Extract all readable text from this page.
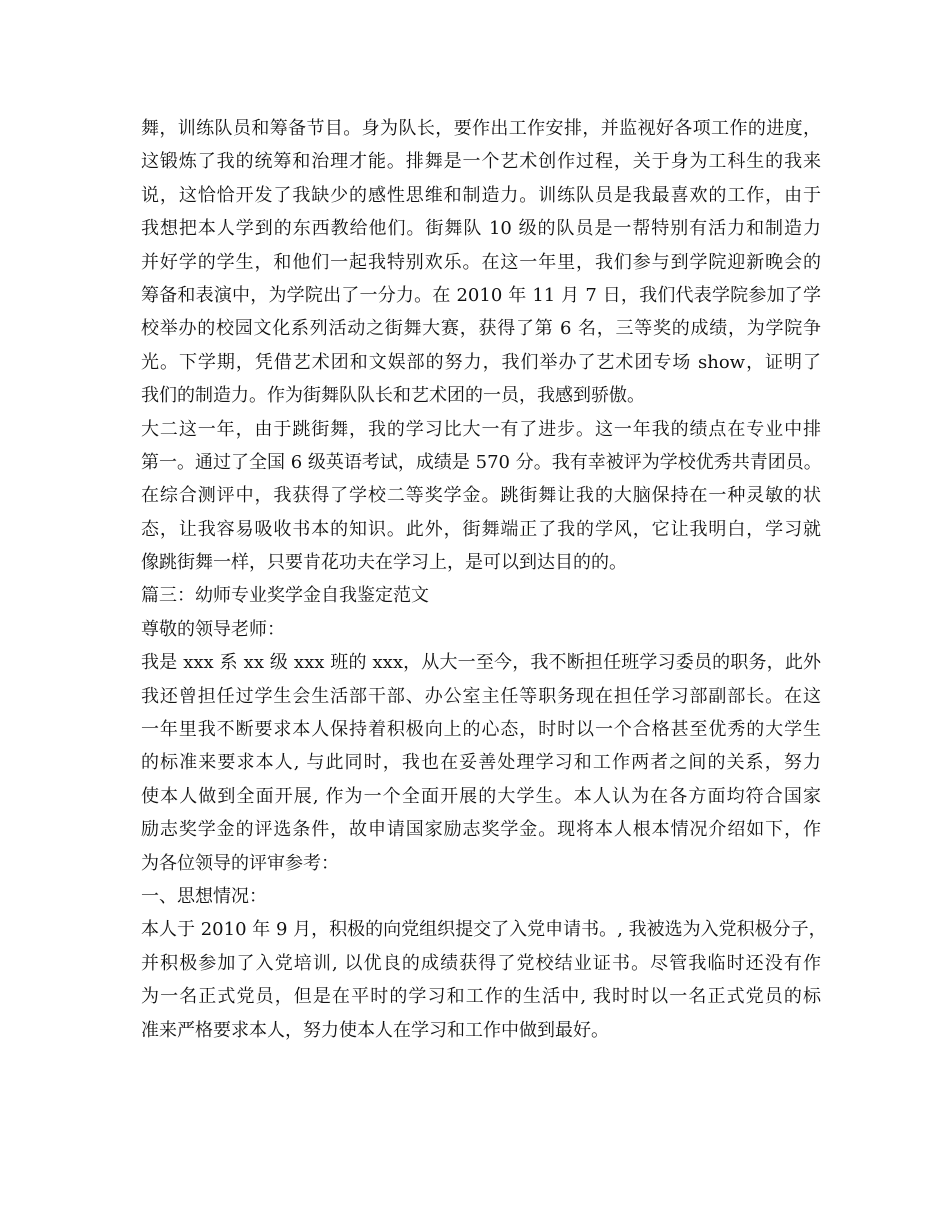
舞，训练队员和筹备节目。身为队长，要作出工作安排，并监视好各项工作的进度，
这锻炼了我的统筹和治理才能。排舞是一个艺术创作过程，关于身为工科生的我来
说，这恰恰开发了我缺少的感性思维和制造力。训练队员是我最喜欢的工作，由于
我想把本人学到的东西教给他们。街舞队 10 级的队员是一帮特别有活力和制造力
并好学的学生，和他们一起我特别欢乐。在这一年里，我们参与到学院迎新晚会的
筹备和表演中，为学院出了一分力。在 2010 年 11 月 7 日，我们代表学院参加了学
校举办的校园文化系列活动之街舞大赛，获得了第 6 名，三等奖的成绩，为学院争
光。下学期，凭借艺术团和文娱部的努力，我们举办了艺术团专场 show，证明了
我们的制造力。作为街舞队队长和艺术团的一员，我感到骄傲。
大二这一年，由于跳街舞，我的学习比大一有了进步。这一年我的绩点在专业中排
第一。通过了全国 6 级英语考试，成绩是 570 分。我有幸被评为学校优秀共青团员。
在综合测评中，我获得了学校二等奖学金。跳街舞让我的大脑保持在一种灵敏的状
态，让我容易吸收书本的知识。此外，街舞端正了我的学风，它让我明白，学习就
像跳街舞一样，只要肯花功夫在学习上，是可以到达目的的。
篇三：幼师专业奖学金自我鉴定范文
尊敬的领导老师：
我是 xxx 系 xx 级 xxx 班的 xxx，从大一至今，我不断担任班学习委员的职务，此外
我还曾担任过学生会生活部干部、办公室主任等职务现在担任学习部副部长。在这
一年里我不断要求本人保持着积极向上的心态，时时以一个合格甚至优秀的大学生
的标准来要求本人, 与此同时，我也在妥善处理学习和工作两者之间的关系，努力
使本人做到全面开展, 作为一个全面开展的大学生。本人认为在各方面均符合国家
励志奖学金的评选条件，故申请国家励志奖学金。现将本人根本情况介绍如下，作
为各位领导的评审参考：
一、思想情况：
本人于 2010 年 9 月，积极的向党组织提交了入党申请书。, 我被选为入党积极分子，
并积极参加了入党培训, 以优良的成绩获得了党校结业证书。尽管我临时还没有作
为一名正式党员，但是在平时的学习和工作的生活中, 我时时以一名正式党员的标
准来严格要求本人，努力使本人在学习和工作中做到最好。
